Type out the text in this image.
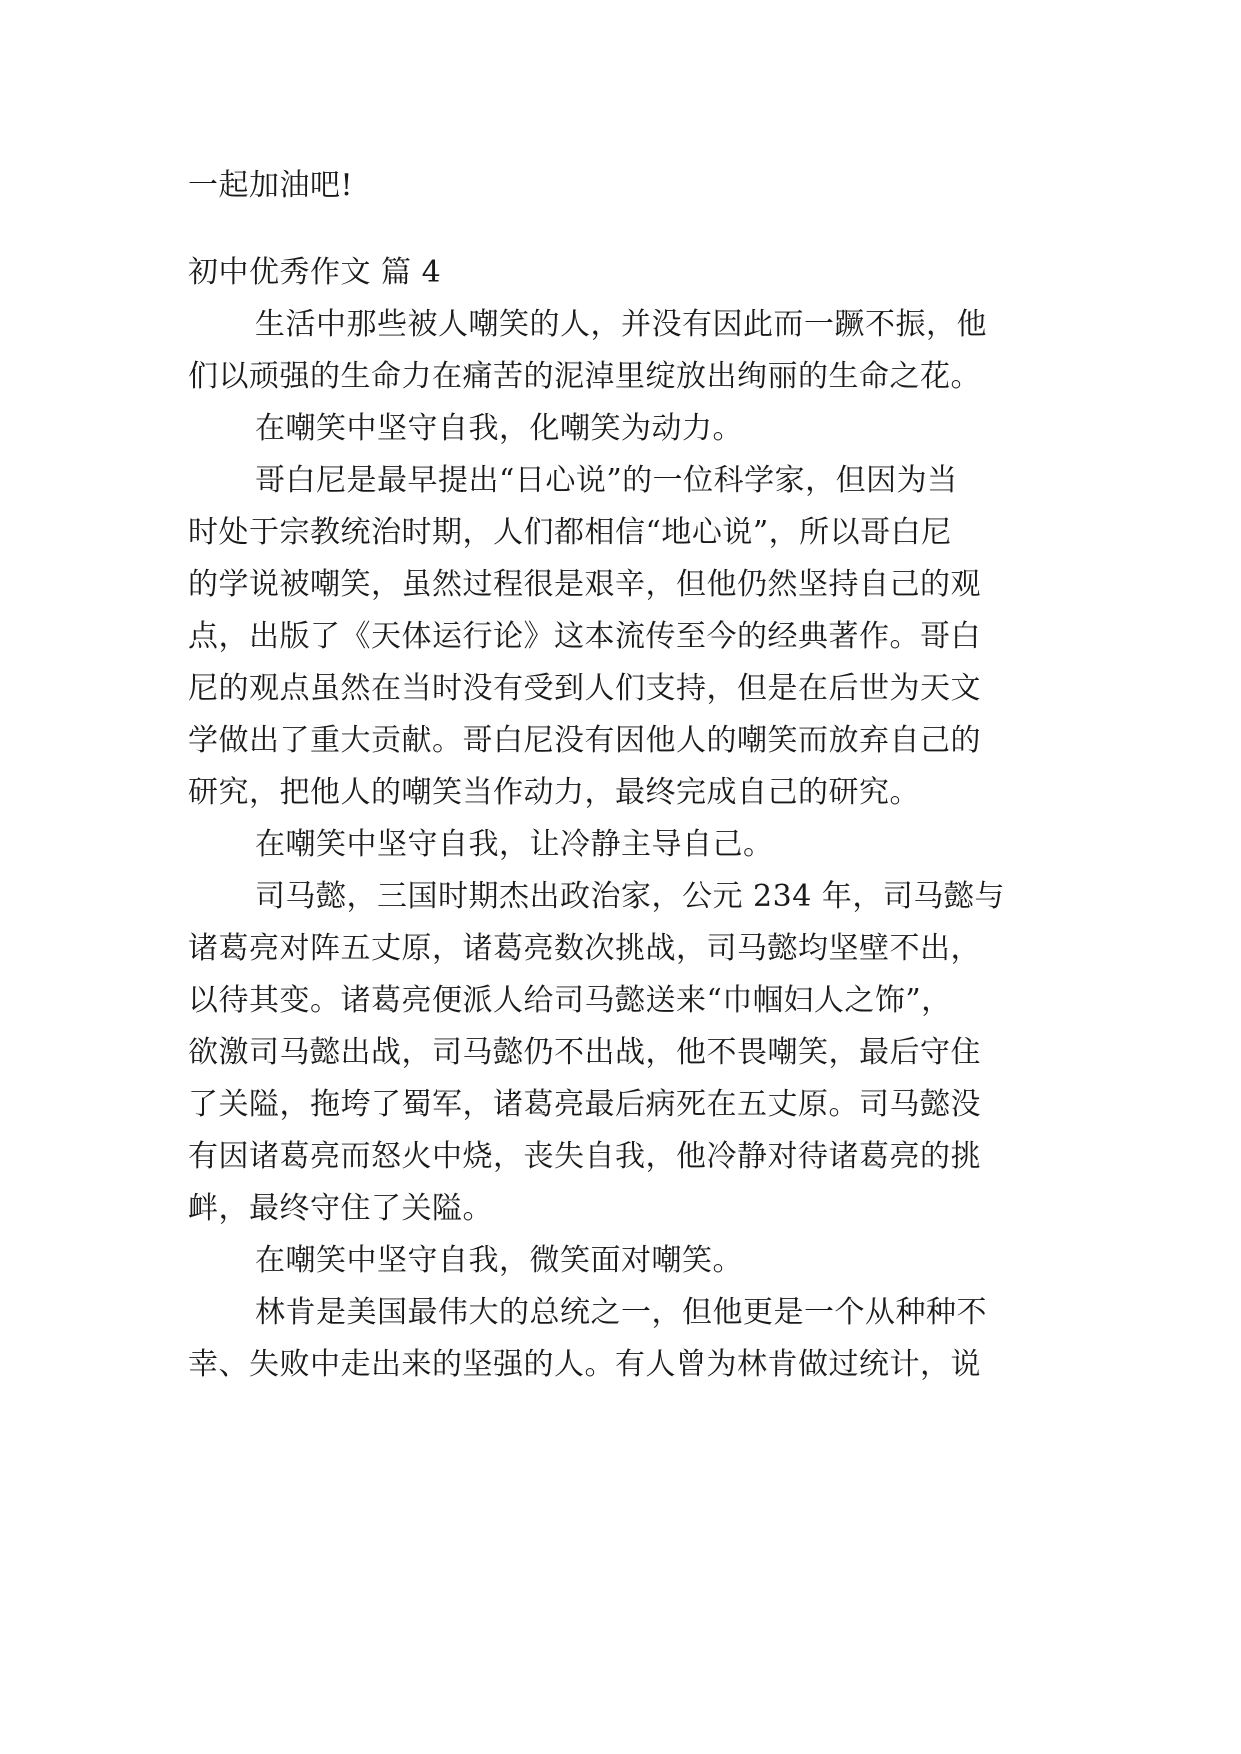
一起加油吧!
初中优秀作文 篇 4
生活中那些被人嘲笑的人，并没有因此而一蹶不振，他
们以顽强的生命力在痛苦的泥淖里绽放出绚丽的生命之花。
在嘲笑中坚守自我，化嘲笑为动力。
哥白尼是最早提出“日心说”的一位科学家，但因为当
时处于宗教统治时期，人们都相信“地心说”，所以哥白尼
的学说被嘲笑，虽然过程很是艰辛，但他仍然坚持自己的观
点，出版了《天体运行论》这本流传至今的经典著作。哥白
尼的观点虽然在当时没有受到人们支持，但是在后世为天文
学做出了重大贡献。哥白尼没有因他人的嘲笑而放弃自己的
研究，把他人的嘲笑当作动力，最终完成自己的研究。
在嘲笑中坚守自我，让冷静主导自己。
司马懿，三国时期杰出政治家，公元 234 年，司马懿与
诸葛亮对阵五丈原，诸葛亮数次挑战，司马懿均坚壁不出，
以待其变。诸葛亮便派人给司马懿送来“巾帼妇人之饰”，
欲激司马懿出战，司马懿仍不出战，他不畏嘲笑，最后守住
了关隘，拖垮了蜀军，诸葛亮最后病死在五丈原。司马懿没
有因诸葛亮而怒火中烧，丧失自我，他冷静对待诸葛亮的挑
衅，最终守住了关隘。
在嘲笑中坚守自我，微笑面对嘲笑。
林肯是美国最伟大的总统之一，但他更是一个从种种不
幸、失败中走出来的坚强的人。有人曾为林肯做过统计，说
